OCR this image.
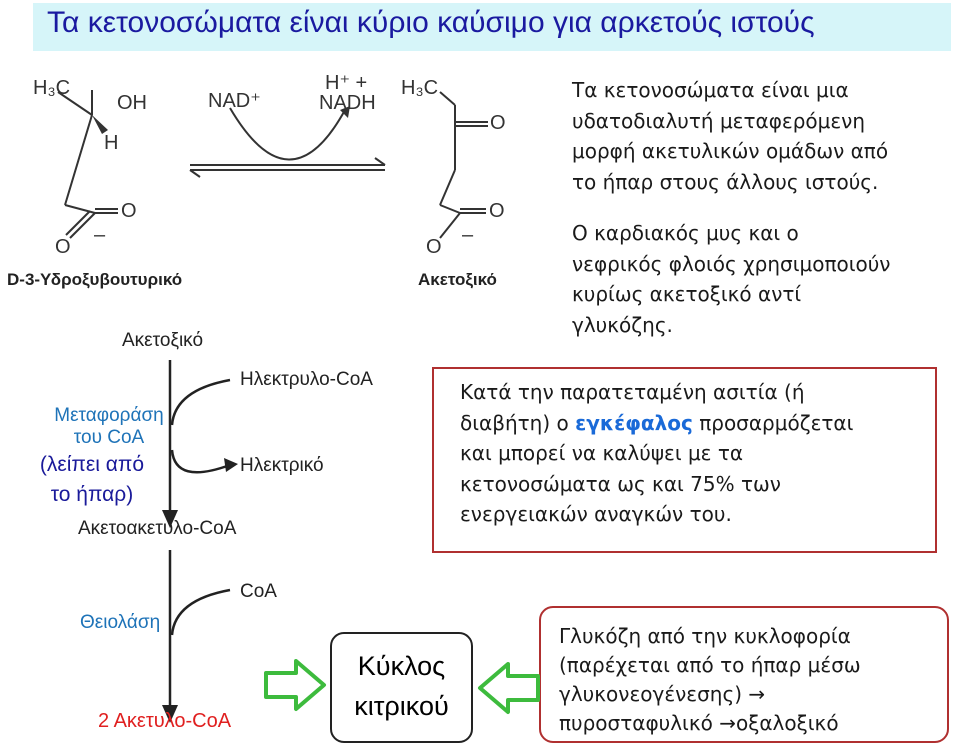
Τα κετονοσώματα είναι κύριο καύσιμο για αρκετούς ιστούς
H₃C
OH
H
O
O
–
D-3-Υδροξυβουτυρικό
NAD⁺
H⁺ +
NADH
H₃C
O
O
O
–
Ακετοξικό
Ακετοξικό
Ηλεκτρυλο-CoA
Μεταφοράση
του CoA
(λείπει από
το ήπαρ)
Ηλεκτρικό
Ακετοακετυλο-CoA
CoA
Θειολάση
2 Ακετυλο-CoA
Τα κετονοσώματα είναι μια
υδατοδιαλυτή μεταφερόμενη
μορφή ακετυλικών ομάδων από
το ήπαρ στους άλλους ιστούς.
Ο καρδιακός μυς και ο
νεφρικός φλοιός χρησιμοποιούν
κυρίως ακετοξικό αντί
γλυκόζης.
Κατά την παρατεταμένη ασιτία (ή
διαβήτη) ο εγκέφαλος προσαρμόζεται
και μπορεί να καλύψει με τα
κετονοσώματα ως και 75% των
ενεργειακών αναγκών του.
Κύκλος
κιτρικού
Γλυκόζη από την κυκλοφορία
(παρέχεται από το ήπαρ μέσω
γλυκονεογένεσης) →
πυροσταφυλικό →οξαλοξικό
